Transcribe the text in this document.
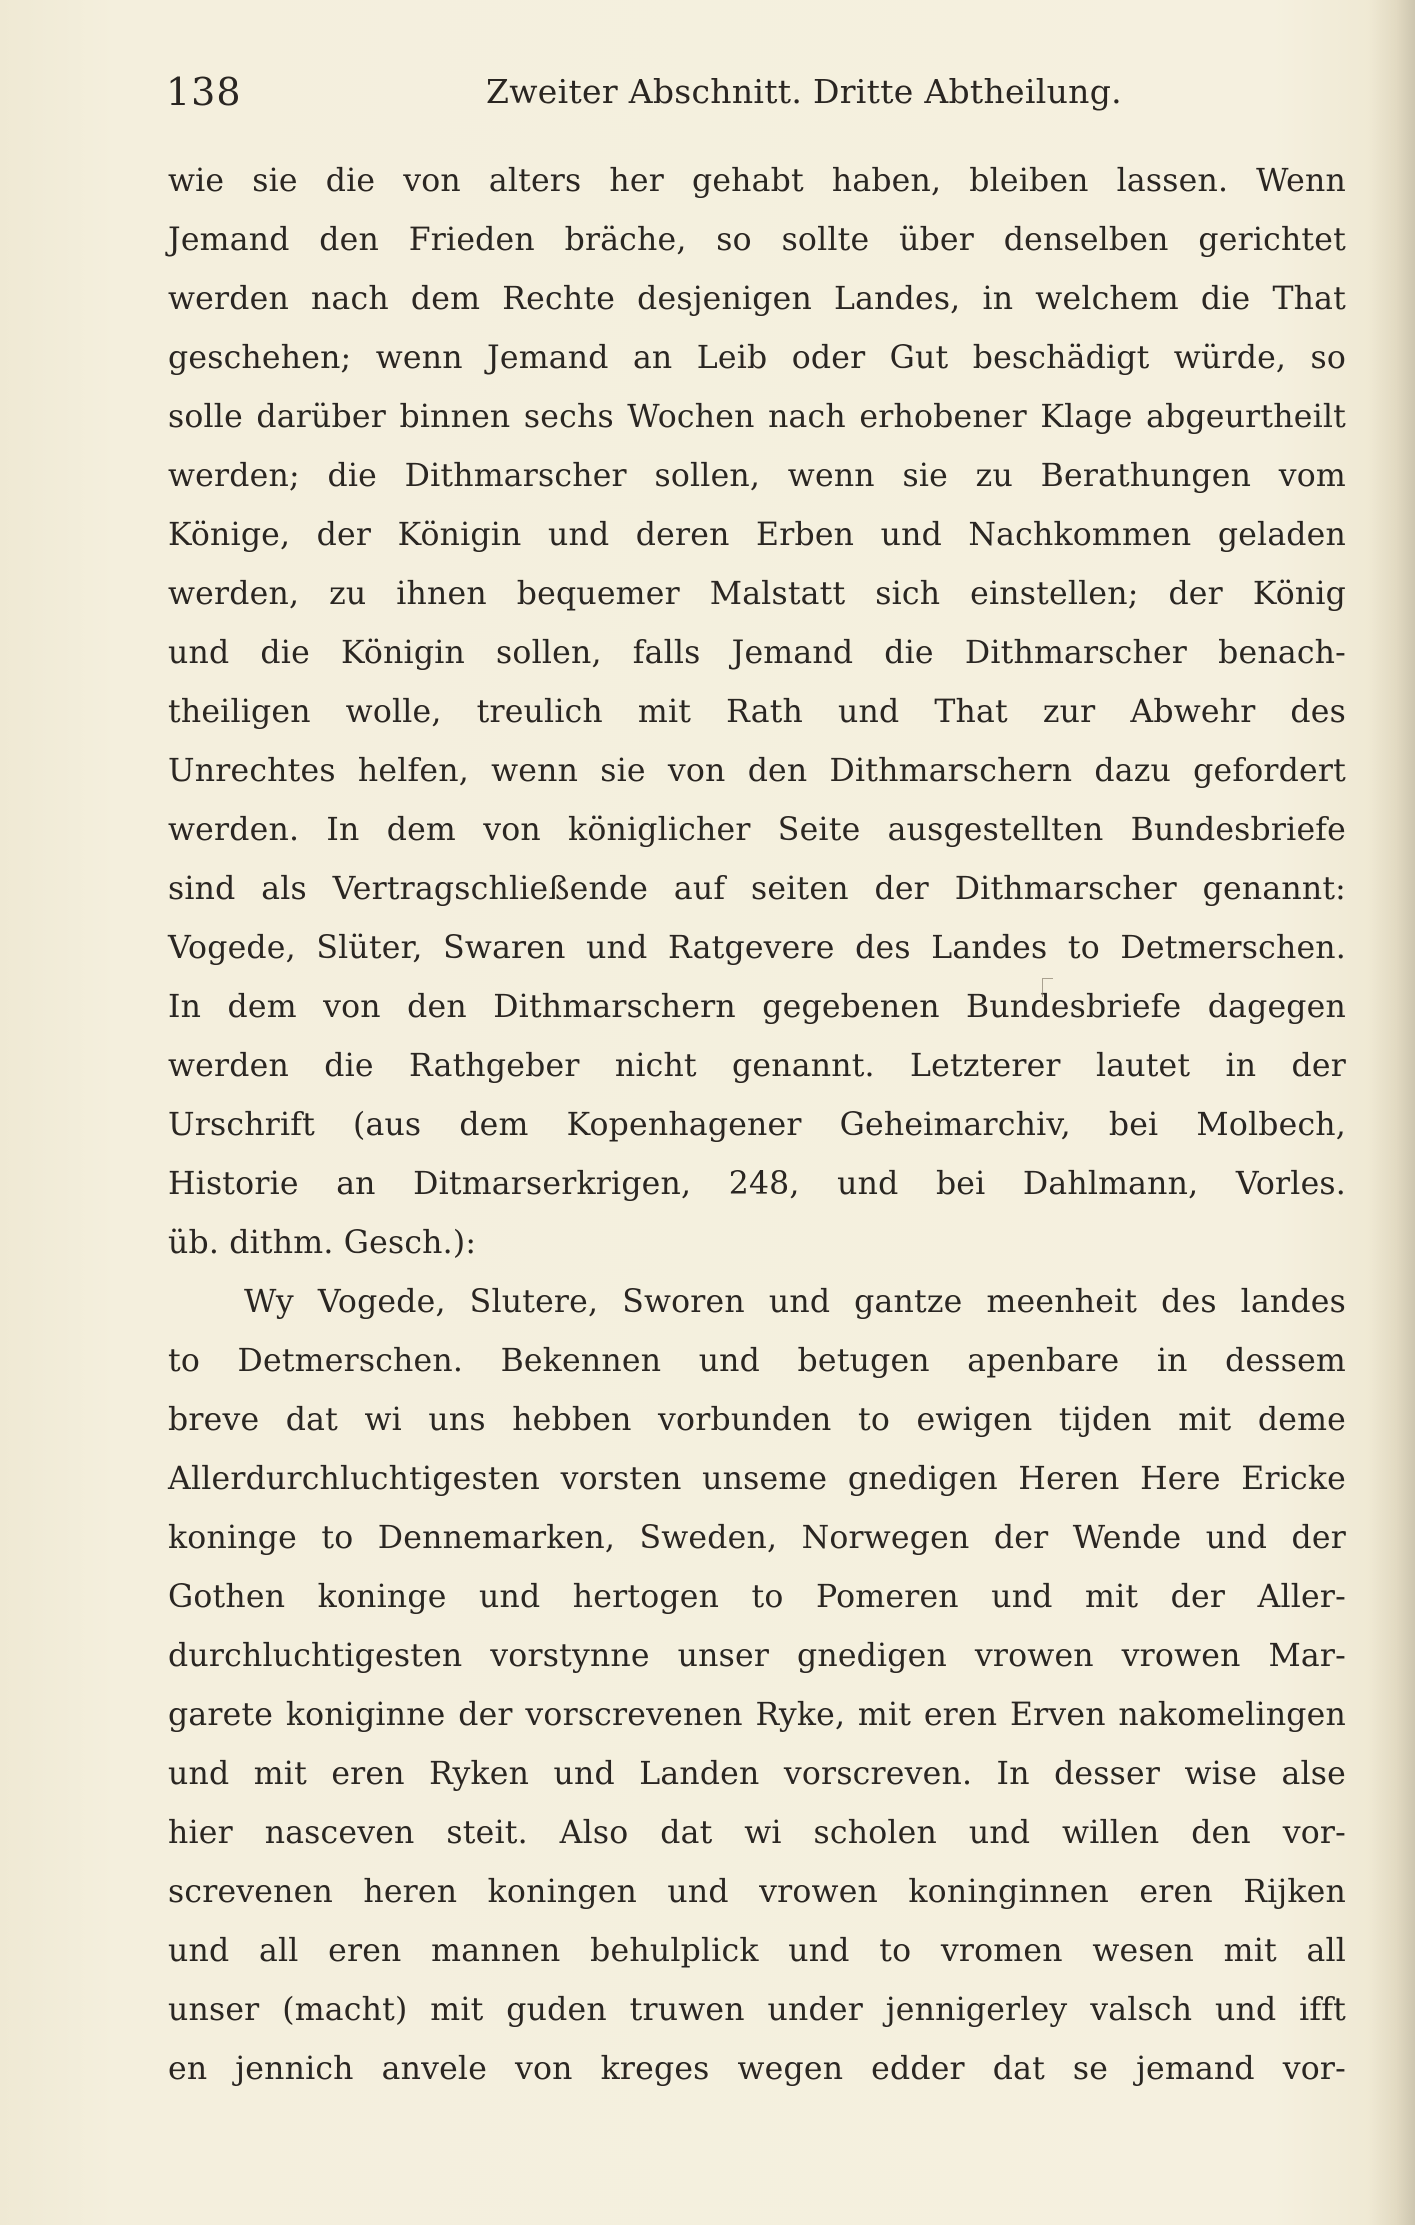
138	Zweiter Abschnitt. Dritte Abtheilung.
wie sie die von alters her gehabt haben, bleiben lassen. Wenn
Jemand den Frieden bräche, so sollte über denselben gerichtet
werden nach dem Rechte desjenigen Landes, in welchem die That
geschehen; wenn Jemand an Leib oder Gut beschädigt würde, so
solle darüber binnen sechs Wochen nach erhobener Klage abgeurtheilt
werden; die Dithmarscher sollen, wenn sie zu Berathungen vom
Könige, der Königin und deren Erben und Nachkommen geladen
werden, zu ihnen bequemer Malstatt sich einstellen; der König
und die Königin sollen, falls Jemand die Dithmarscher benach-
theiligen wolle, treulich mit Rath und That zur Abwehr des
Unrechtes helfen, wenn sie von den Dithmarschern dazu gefordert
werden. In dem von königlicher Seite ausgestellten Bundesbriefe
sind als Vertragschließende auf seiten der Dithmarscher genannt:
Vogede, Slüter, Swaren und Ratgevere des Landes to Detmerschen.
In dem von den Dithmarschern gegebenen Bundesbriefe dagegen
werden die Rathgeber nicht genannt. Letzterer lautet in der
Urschrift (aus dem Kopenhagener Geheimarchiv, bei Molbech,
Historie an Ditmarserkrigen, 248, und bei Dahlmann, Vorles.
üb. dithm. Gesch.):
Wy Vogede, Slutere, Sworen und gantze meenheit des landes
to Detmerschen. Bekennen und betugen apenbare in dessem
breve dat wi uns hebben vorbunden to ewigen tijden mit deme
Allerdurchluchtigesten vorsten unseme gnedigen Heren Here Ericke
koninge to Dennemarken, Sweden, Norwegen der Wende und der
Gothen koninge und hertogen to Pomeren und mit der Aller-
durchluchtigesten vorstynne unser gnedigen vrowen vrowen Mar-
garete koniginne der vorscrevenen Ryke, mit eren Erven nakomelingen
und mit eren Ryken und Landen vorscreven. In desser wise alse
hier nasceven steit. Also dat wi scholen und willen den vor-
screvenen heren koningen und vrowen koninginnen eren Rijken
und all eren mannen behulplick und to vromen wesen mit all
unser (macht) mit guden truwen under jennigerley valsch und ifft
en jennich anvele von kreges wegen edder dat se jemand vor-
